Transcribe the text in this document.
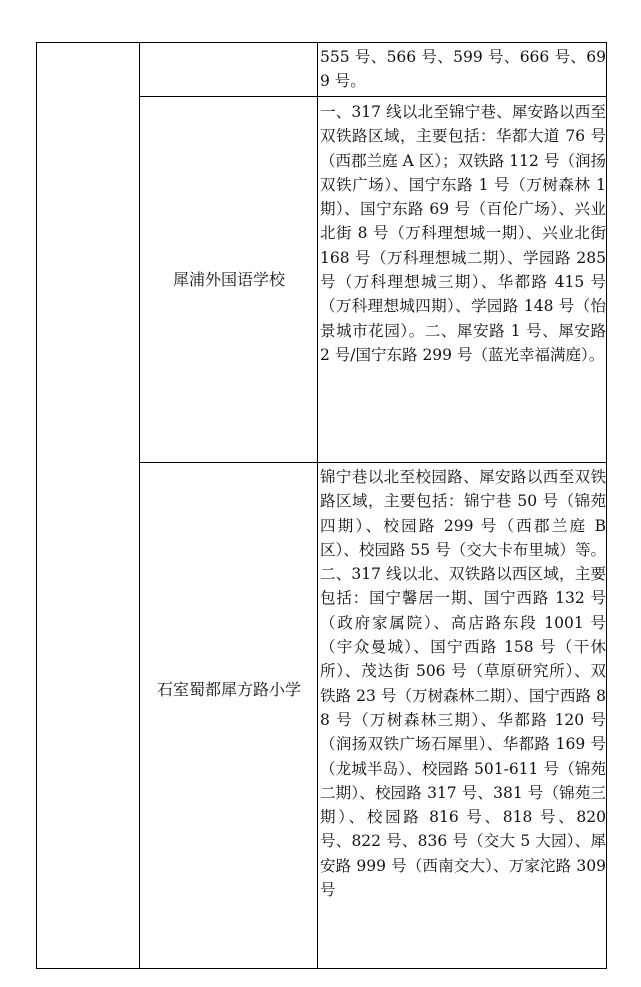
555 号、566 号、599 号、666 号、699 号。
犀浦外国语学校
一、317 线以北至锦宁巷、犀安路以西至双铁路区域，主要包括：华都大道 76 号（西郡兰庭 A 区）；双铁路 112 号（润扬双铁广场）、国宁东路 1 号（万树森林 1 期）、国宁东路 69 号（百伦广场）、兴业北街 8 号（万科理想城一期）、兴业北街 168 号（万科理想城二期）、学园路 285 号（万科理想城三期）、华都路 415 号（万科理想城四期）、学园路 148 号（怡景城市花园）。二、犀安路 1 号、犀安路 2 号/国宁东路 299 号（蓝光幸福满庭）。
石室蜀都犀方路小学
锦宁巷以北至校园路、犀安路以西至双铁路区域，主要包括：锦宁巷 50 号（锦苑四期）、校园路 299 号（西郡兰庭 B 区）、校园路 55 号（交大卡布里城）等。二、317 线以北、双铁路以西区域，主要包括：国宁馨居一期、国宁西路 132 号（政府家属院）、高店路东段 1001 号（宇众曼城）、国宁西路 158 号（干休所）、茂达街 506 号（草原研究所）、双铁路 23 号（万树森林二期）、国宁西路 88 号（万树森林三期）、华都路 120 号（润扬双铁广场石犀里）、华都路 169 号（龙城半岛）、校园路 501-611 号（锦苑二期）、校园路 317 号、381 号（锦苑三期）、校园路 816 号、818 号、820 号、822 号、836 号（交大 5 大园）、犀安路 999 号（西南交大）、万家沱路 309 号
